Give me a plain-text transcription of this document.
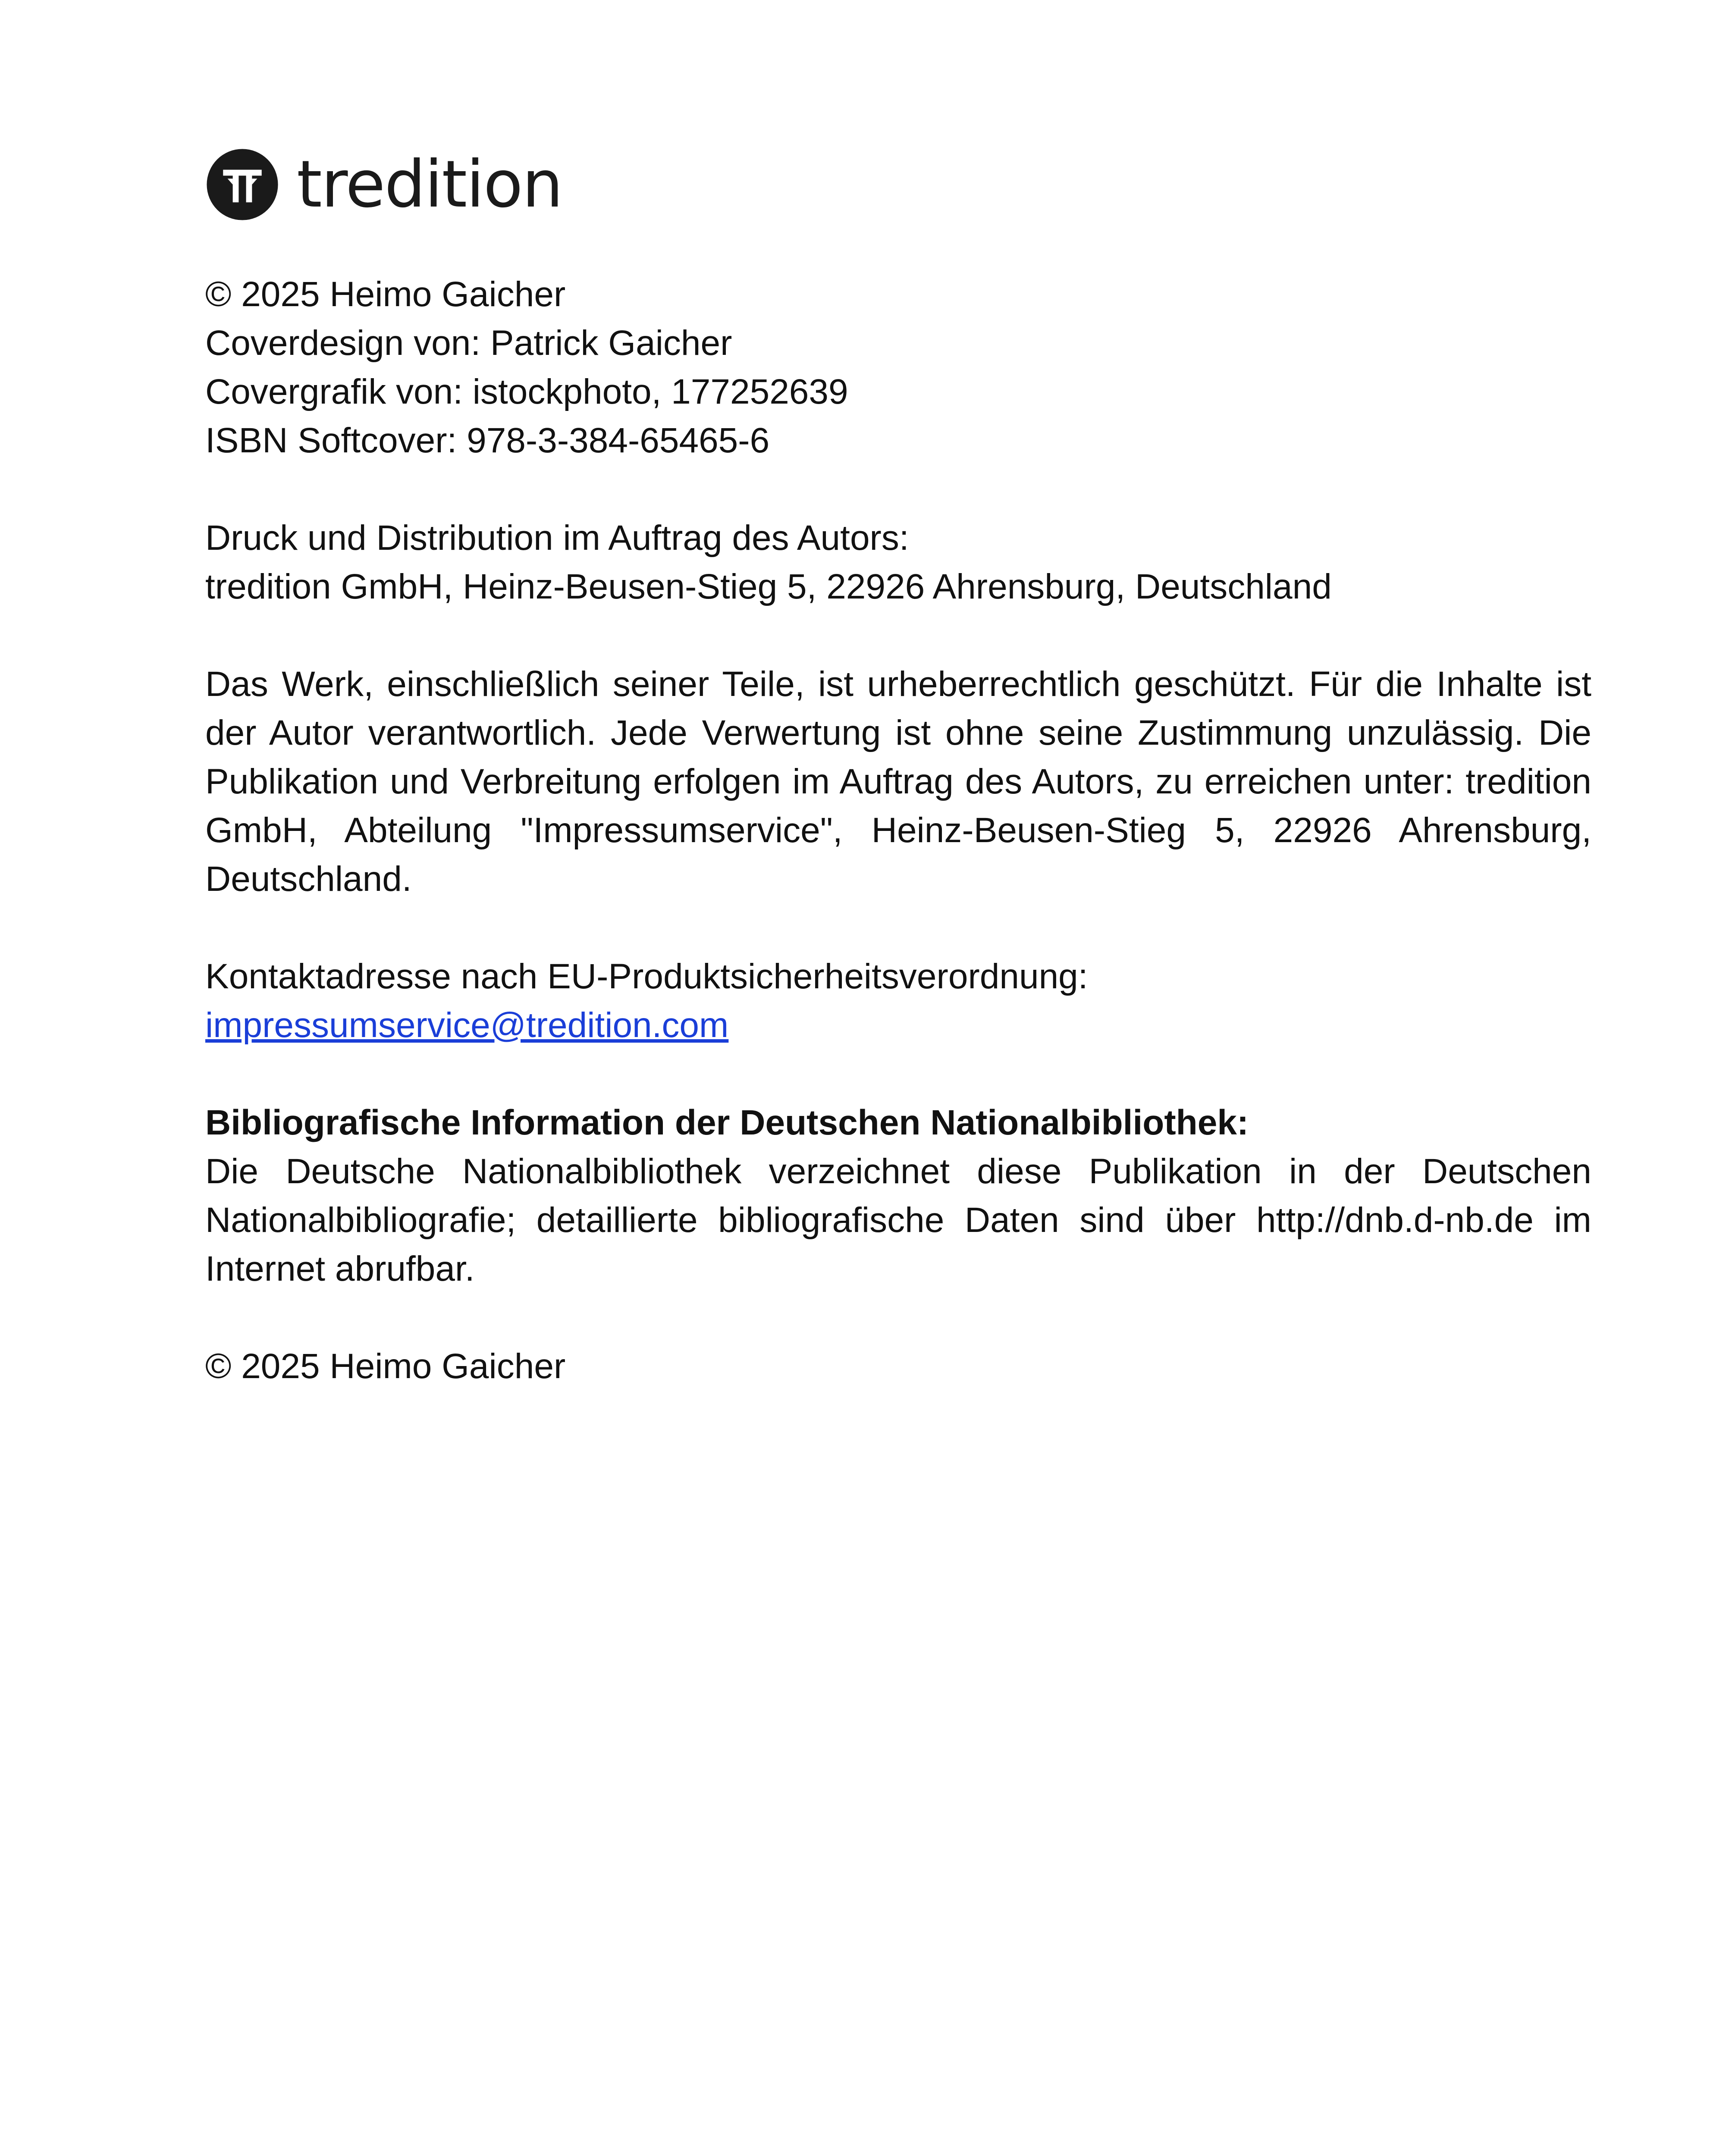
tredition

© 2025 Heimo Gaicher

Coverdesign von: Patrick Gaicher

Covergrafik von: istockphoto, 177252639

ISBN Softcover: 978-3-384-65465-6

Druck und Distribution im Auftrag des Autors:

tredition GmbH, Heinz-Beusen-Stieg 5, 22926 Ahrensburg, Deutschland

Das Werk, einschließlich seiner Teile, ist urheberrechtlich geschützt. Für die Inhalte ist der Autor verantwortlich. Jede Verwertung ist ohne seine Zustimmung unzulässig. Die Publikation und Verbreitung erfolgen im Auftrag des Autors, zu erreichen unter: tredition GmbH, Abteilung "Impressumservice", Heinz-Beusen-Stieg 5, 22926 Ahrensburg, Deutschland.

Kontaktadresse nach EU-Produktsicherheitsverordnung:

impressumservice@tredition.com

Bibliografische Information der Deutschen Nationalbibliothek:

Die Deutsche Nationalbibliothek verzeichnet diese Publikation in der Deutschen Nationalbibliografie; detaillierte bibliografische Daten sind über http://dnb.d-nb.de im Internet abrufbar.

© 2025 Heimo Gaicher
